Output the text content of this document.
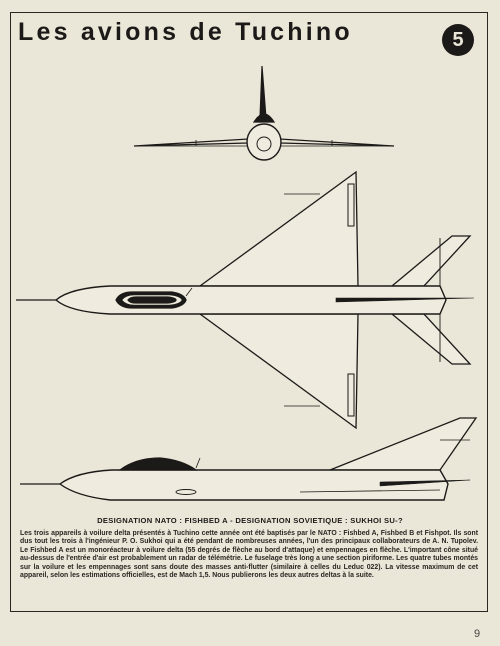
Les avions de Tuchino	5
DESIGNATION NATO : FISHBED A - DESIGNATION SOVIETIQUE : SUKHOI SU-?
Les trois appareils à voilure delta présentés à Tuchino cette année ont été baptisés par le NATO : Fishbed A, Fishbed B et Fishpot. Ils sont dus tout les trois à l'ingénieur P. O. Sukhoi qui a été pendant de nombreuses années, l'un des principaux collaborateurs de A. N. Tupolev. Le Fishbed A est un monoréacteur à voilure delta (55 degrés de flèche au bord d'attaque) et empennages en flèche. L'important cône situé au-dessus de l'entrée d'air est probablement un radar de télémétrie. Le fuselage très long a une section piriforme. Les quatre tubes montés sur la voilure et les empennages sont sans doute des masses anti-flutter (similaire à celles du Leduc 022). La vitesse maximum de cet appareil, selon les estimations officielles, est de Mach 1,5. Nous publierons les deux autres deltas à la suite.
9
